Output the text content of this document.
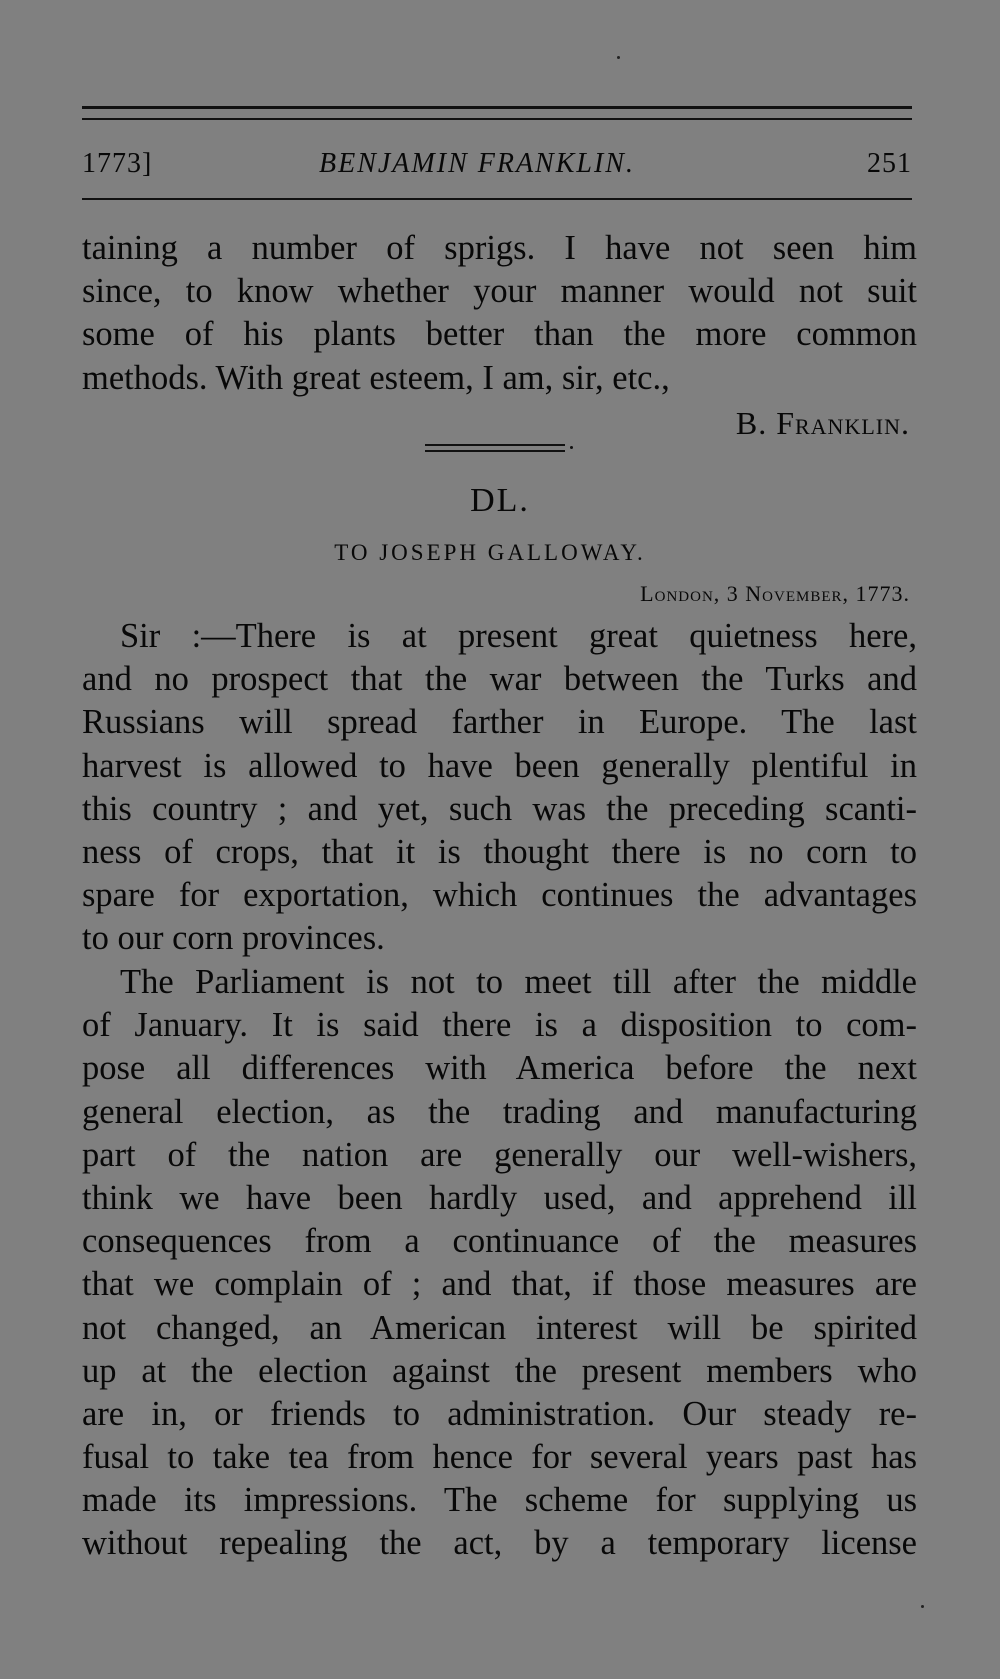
1773]	BENJAMIN FRANKLIN.	251
taining a number of sprigs. I have not seen him
since, to know whether your manner would not suit
some of his plants better than the more common
methods. With great esteem, I am, sir, etc.,
B. Franklin.
DL.
TO JOSEPH GALLOWAY.
London, 3 November, 1773.
Sir :—There is at present great quietness here,
and no prospect that the war between the Turks and
Russians will spread farther in Europe. The last
harvest is allowed to have been generally plentiful in
this country ; and yet, such was the preceding scanti-
ness of crops, that it is thought there is no corn to
spare for exportation, which continues the advantages
to our corn provinces.
The Parliament is not to meet till after the middle
of January. It is said there is a disposition to com-
pose all differences with America before the next
general election, as the trading and manufacturing
part of the nation are generally our well-wishers,
think we have been hardly used, and apprehend ill
consequences from a continuance of the measures
that we complain of ; and that, if those measures are
not changed, an American interest will be spirited
up at the election against the present members who
are in, or friends to administration. Our steady re-
fusal to take tea from hence for several years past has
made its impressions. The scheme for supplying us
without repealing the act, by a temporary license
